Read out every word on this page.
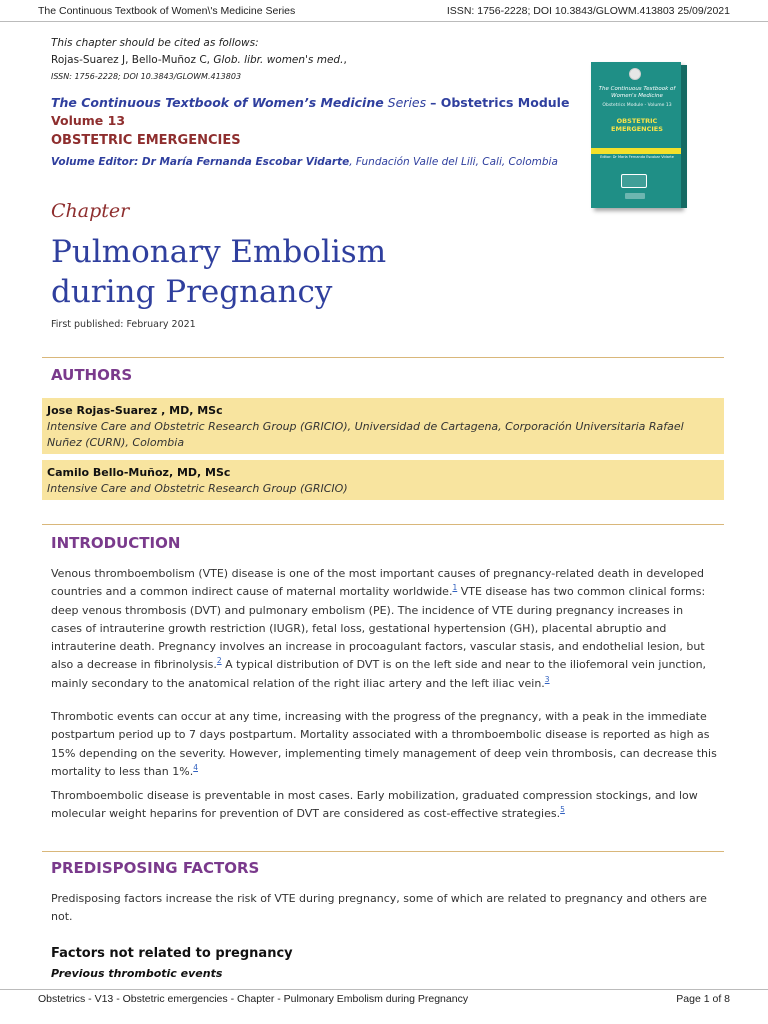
The Continuous Textbook of Women\'s Medicine Series	ISSN: 1756-2228; DOI 10.3843/GLOWM.413803 25/09/2021
This chapter should be cited as follows:
Rojas-Suarez J, Bello-Muñoz C, Glob. libr. women's med.,
ISSN: 1756-2228; DOI 10.3843/GLOWM.413803
The Continuous Textbook of Women’s Medicine Series – Obstetrics Module
Volume 13
OBSTETRIC EMERGENCIES
Volume Editor: Dr María Fernanda Escobar Vidarte, Fundación Valle del Lili, Cali, Colombia
The Continuous Textbook of Women's Medicine
Obstetrics Module - Volume 13
OBSTETRIC EMERGENCIES
Editor: Dr María Fernanda Escobar Vidarte
Chapter
Pulmonary Embolism
during Pregnancy
First published: February 2021
AUTHORS
Jose Rojas-Suarez , MD, MSc
Intensive Care and Obstetric Research Group (GRICIO), Universidad de Cartagena, Corporación Universitaria Rafael Nuñez (CURN), Colombia
Camilo Bello-Muñoz, MD, MSc
Intensive Care and Obstetric Research Group (GRICIO)
INTRODUCTION
Venous thromboembolism (VTE) disease is one of the most important causes of pregnancy-related death in developed countries and a common indirect cause of maternal mortality worldwide.$^1$ VTE disease has two common clinical forms: deep venous thrombosis (DVT) and pulmonary embolism (PE). The incidence of VTE during pregnancy increases in cases of intrauterine growth restriction (IUGR), fetal loss, gestational hypertension (GH), placental abruptio and intrauterine death. Pregnancy involves an increase in procoagulant factors, vascular stasis, and endothelial lesion, but also a decrease in fibrinolysis.$^2$ A typical distribution of DVT is on the left side and near to the iliofemoral vein junction, mainly secondary to the anatomical relation of the right iliac artery and the left iliac vein.$^3$
Thrombotic events can occur at any time, increasing with the progress of the pregnancy, with a peak in the immediate postpartum period up to 7 days postpartum. Mortality associated with a thromboembolic disease is reported as high as 15% depending on the severity. However, implementing timely management of deep vein thrombosis, can decrease this mortality to less than 1%.$^4$
Thromboembolic disease is preventable in most cases. Early mobilization, graduated compression stockings, and low molecular weight heparins for prevention of DVT are considered as cost-effective strategies.$^5$
PREDISPOSING FACTORS
Predisposing factors increase the risk of VTE during pregnancy, some of which are related to pregnancy and others are not.
Factors not related to pregnancy
Previous thrombotic events
Obstetrics - V13 - Obstetric emergencies - Chapter - Pulmonary Embolism during Pregnancy	Page 1 of 8
